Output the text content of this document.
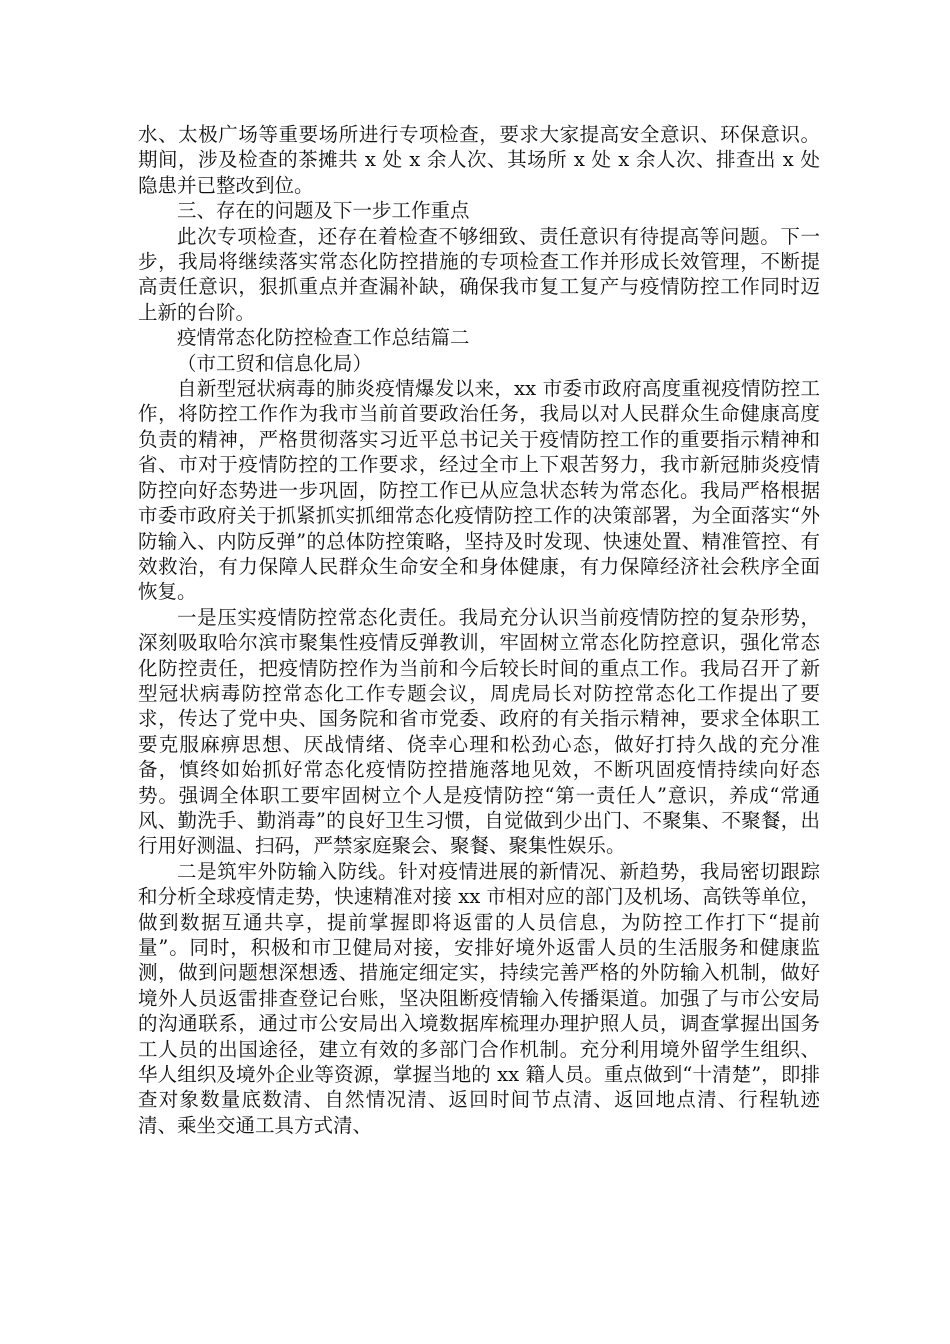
水、太极广场等重要场所进行专项检查，要求大家提高安全意识、环保意识。期间，涉及检查的茶摊共 x 处 x 余人次、其场所 x 处 x 余人次、排查出 x 处隐患并已整改到位。

三、存在的问题及下一步工作重点

此次专项检查，还存在着检查不够细致、责任意识有待提高等问题。下一步，我局将继续落实常态化防控措施的专项检查工作并形成长效管理，不断提高责任意识，狠抓重点并查漏补缺，确保我市复工复产与疫情防控工作同时迈上新的台阶。

疫情常态化防控检查工作总结篇二

（市工贸和信息化局）

自新型冠状病毒的肺炎疫情爆发以来，xx 市委市政府高度重视疫情防控工作，将防控工作作为我市当前首要政治任务，我局以对人民群众生命健康高度负责的精神，严格贯彻落实习近平总书记关于疫情防控工作的重要指示精神和省、市对于疫情防控的工作要求，经过全市上下艰苦努力，我市新冠肺炎疫情防控向好态势进一步巩固，防控工作已从应急状态转为常态化。我局严格根据市委市政府关于抓紧抓实抓细常态化疫情防控工作的决策部署，为全面落实“外防输入、内防反弹”的总体防控策略，坚持及时发现、快速处置、精准管控、有效救治，有力保障人民群众生命安全和身体健康，有力保障经济社会秩序全面恢复。

一是压实疫情防控常态化责任。我局充分认识当前疫情防控的复杂形势，深刻吸取哈尔滨市聚集性疫情反弹教训，牢固树立常态化防控意识，强化常态化防控责任，把疫情防控作为当前和今后较长时间的重点工作。我局召开了新型冠状病毒防控常态化工作专题会议，周虎局长对防控常态化工作提出了要求，传达了党中央、国务院和省市党委、政府的有关指示精神，要求全体职工要克服麻痹思想、厌战情绪、侥幸心理和松劲心态，做好打持久战的充分准备，慎终如始抓好常态化疫情防控措施落地见效，不断巩固疫情持续向好态势。强调全体职工要牢固树立个人是疫情防控“第一责任人”意识，养成“常通风、勤洗手、勤消毒”的良好卫生习惯，自觉做到少出门、不聚集、不聚餐，出行用好测温、扫码，严禁家庭聚会、聚餐、聚集性娱乐。

二是筑牢外防输入防线。针对疫情进展的新情况、新趋势，我局密切跟踪和分析全球疫情走势，快速精准对接 xx 市相对应的部门及机场、高铁等单位，做到数据互通共享，提前掌握即将返雷的人员信息，为防控工作打下“提前量”。同时，积极和市卫健局对接，安排好境外返雷人员的生活服务和健康监测，做到问题想深想透、措施定细定实，持续完善严格的外防输入机制，做好境外人员返雷排查登记台账，坚决阻断疫情输入传播渠道。加强了与市公安局的沟通联系，通过市公安局出入境数据库梳理办理护照人员，调查掌握出国务工人员的出国途径，建立有效的多部门合作机制。充分利用境外留学生组织、华人组织及境外企业等资源，掌握当地的 xx 籍人员。重点做到“十清楚”，即排查对象数量底数清、自然情况清、返回时间节点清、返回地点清、行程轨迹清、乘坐交通工具方式清、
